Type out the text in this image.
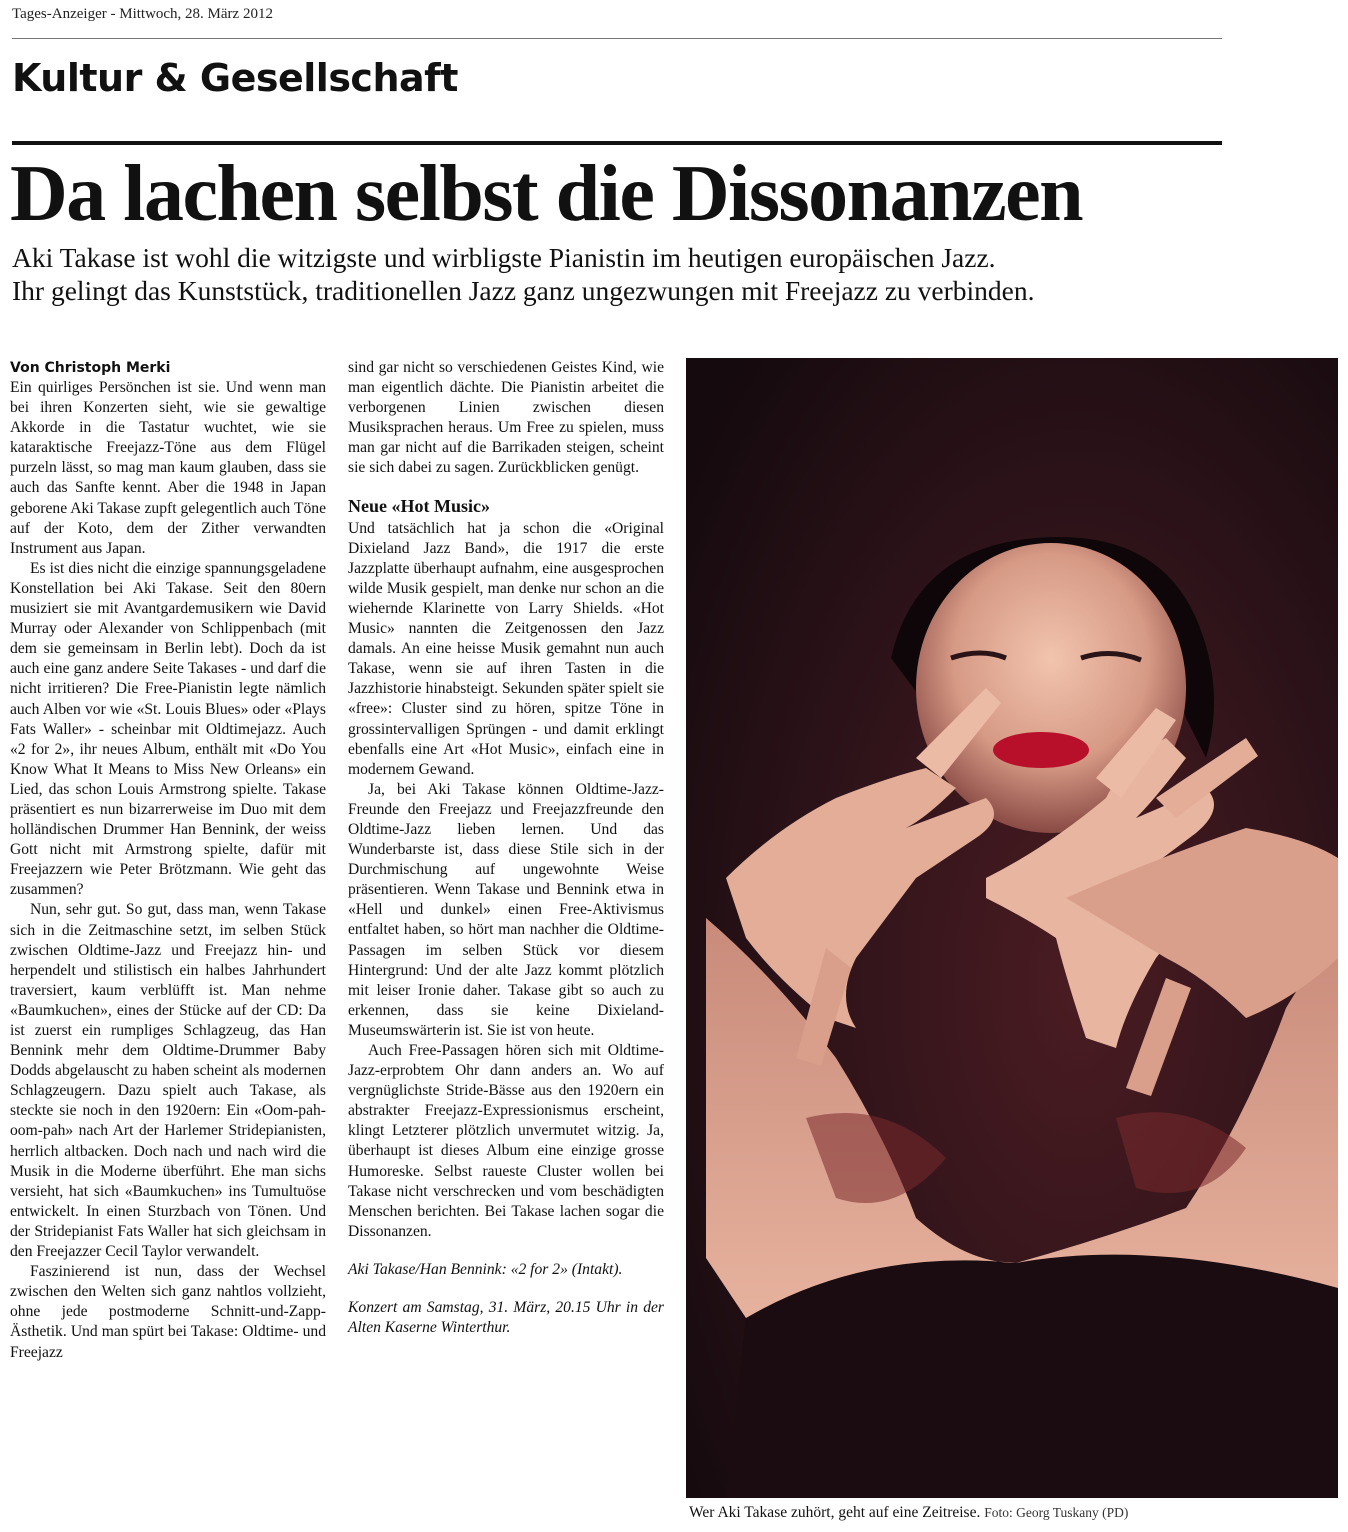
Tages-Anzeiger - Mittwoch, 28. März 2012
Kultur & Gesellschaft
Da lachen selbst die Dissonanzen
Aki Takase ist wohl die witzigste und wirbligste Pianistin im heutigen europäischen Jazz.
Ihr gelingt das Kunststück, traditionellen Jazz ganz ungezwungen mit Freejazz zu verbinden.
Von Christoph Merki

Ein quirliges Persönchen ist sie. Und wenn man bei ihren Konzerten sieht, wie sie gewaltige Akkorde in die Tastatur wuchtet, wie sie kataraktische Freejazz-Töne aus dem Flügel purzeln lässt, so mag man kaum glauben, dass sie auch das Sanfte kennt. Aber die 1948 in Japan geborene Aki Takase zupft gelegentlich auch Töne auf der Koto, dem der Zither verwandten Instrument aus Japan.

Es ist dies nicht die einzige spannungsgeladene Konstellation bei Aki Takase. Seit den 80ern musiziert sie mit Avantgardemusikern wie David Murray oder Alexander von Schlippenbach (mit dem sie gemeinsam in Berlin lebt). Doch da ist auch eine ganz andere Seite Takases - und darf die nicht irritieren? Die Free-Pianistin legte nämlich auch Alben vor wie «St. Louis Blues» oder «Plays Fats Waller» - scheinbar mit Oldtimejazz. Auch «2 for 2», ihr neues Album, enthält mit «Do You Know What It Means to Miss New Orleans» ein Lied, das schon Louis Armstrong spielte. Takase präsentiert es nun bizarrerweise im Duo mit dem holländischen Drummer Han Bennink, der weiss Gott nicht mit Armstrong spielte, dafür mit Freejazzern wie Peter Brötzmann. Wie geht das zusammen?

Nun, sehr gut. So gut, dass man, wenn Takase sich in die Zeitmaschine setzt, im selben Stück zwischen Oldtime-Jazz und Freejazz hin- und herpendelt und stilistisch ein halbes Jahrhundert traversiert, kaum verblüfft ist. Man nehme «Baumkuchen», eines der Stücke auf der CD: Da ist zuerst ein rumpliges Schlagzeug, das Han Bennink mehr dem Oldtime-Drummer Baby Dodds abgelauscht zu haben scheint als modernen Schlagzeugern. Dazu spielt auch Takase, als steckte sie noch in den 1920ern: Ein «Oom-pah-oom-pah» nach Art der Harlemer Stridepianisten, herrlich altbacken. Doch nach und nach wird die Musik in die Moderne überführt. Ehe man sichs versieht, hat sich «Baumkuchen» ins Tumultuöse entwickelt. In einen Sturzbach von Tönen. Und der Stridepianist Fats Waller hat sich gleichsam in den Freejazzer Cecil Taylor verwandelt.

Faszinierend ist nun, dass der Wechsel zwischen den Welten sich ganz nahtlos vollzieht, ohne jede postmoderne Schnitt-und-Zapp-Ästhetik. Und man spürt bei Takase: Oldtime- und Freejazz

sind gar nicht so verschiedenen Geistes Kind, wie man eigentlich dächte. Die Pianistin arbeitet die verborgenen Linien zwischen diesen Musiksprachen heraus. Um Free zu spielen, muss man gar nicht auf die Barrikaden steigen, scheint sie sich dabei zu sagen. Zurückblicken genügt.

Neue «Hot Music»

Und tatsächlich hat ja schon die «Original Dixieland Jazz Band», die 1917 die erste Jazzplatte überhaupt aufnahm, eine ausgesprochen wilde Musik gespielt, man denke nur schon an die wiehernde Klarinette von Larry Shields. «Hot Music» nannten die Zeitgenossen den Jazz damals. An eine heisse Musik gemahnt nun auch Takase, wenn sie auf ihren Tasten in die Jazzhistorie hinabsteigt. Sekunden später spielt sie «free»: Cluster sind zu hören, spitze Töne in grossintervalligen Sprüngen - und damit erklingt ebenfalls eine Art «Hot Music», einfach eine in modernem Gewand.

Ja, bei Aki Takase können Oldtime-Jazz-Freunde den Freejazz und Freejazzfreunde den Oldtime-Jazz lieben lernen. Und das Wunderbarste ist, dass diese Stile sich in der Durchmischung auf ungewohnte Weise präsentieren. Wenn Takase und Bennink etwa in «Hell und dunkel» einen Free-Aktivismus entfaltet haben, so hört man nachher die Oldtime-Passagen im selben Stück vor diesem Hintergrund: Und der alte Jazz kommt plötzlich mit leiser Ironie daher. Takase gibt so auch zu erkennen, dass sie keine Dixieland-Museumswärterin ist. Sie ist von heute.

Auch Free-Passagen hören sich mit Oldtime-Jazz-erprobtem Ohr dann anders an. Wo auf vergnüglichste Stride-Bässe aus den 1920ern ein abstrakter Freejazz-Expressionismus erscheint, klingt Letzterer plötzlich unvermutet witzig. Ja, überhaupt ist dieses Album eine einzige grosse Humoreske. Selbst raueste Cluster wollen bei Takase nicht verschrecken und vom beschädigten Menschen berichten. Bei Takase lachen sogar die Dissonanzen.

Aki Takase/Han Bennink: «2 for 2» (Intakt).

Konzert am Samstag, 31. März, 20.15 Uhr in der Alten Kaserne Winterthur.

Wer Aki Takase zuhört, geht auf eine Zeitreise. Foto: Georg Tuskany (PD)
